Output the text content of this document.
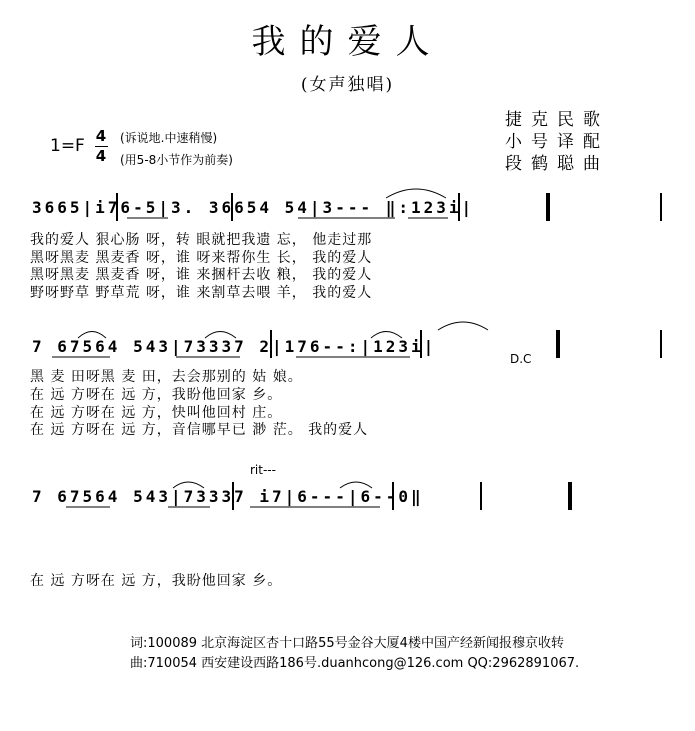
我的爱人
(女声独唱)
捷克民歌
小号译配
段鹤聪曲
1=F 4
4
(诉说地.中速稍慢)
(用5-8小节作为前奏)
3665|i76-5|3. 36654 54|3--- ‖:123i|
我的爱人 狠心肠 呀，转 眼就把我遗 忘， 他走过那
黑呀黑麦 黑麦香 呀，谁 呀来帮你生 长， 我的爱人
黑呀黑麦 黑麦香 呀，谁 来捆杆去收 粮， 我的爱人
野呀野草 野草荒 呀，谁 来割草去喂 羊， 我的爱人
7 67564 543|73337 2|176--:|123i|
D.C
黑 麦 田呀黑 麦 田，去会那别的 姑 娘。
在 远 方呀在 远 方，我盼他回家 乡。
在 远 方呀在 远 方，快叫他回村 庄。
在 远 方呀在 远 方，音信哪早已 渺 茫。 我的爱人
rit---
7 67564 543|73337 i7|6---|6--0‖
在 远 方呀在 远 方，我盼他回家 乡。
词:100089 北京海淀区杏十口路55号金谷大厦4楼中国产经新闻报穆京收转
曲:710054 西安建设西路186号.duanhcong@126.com QQ:2962891067.
